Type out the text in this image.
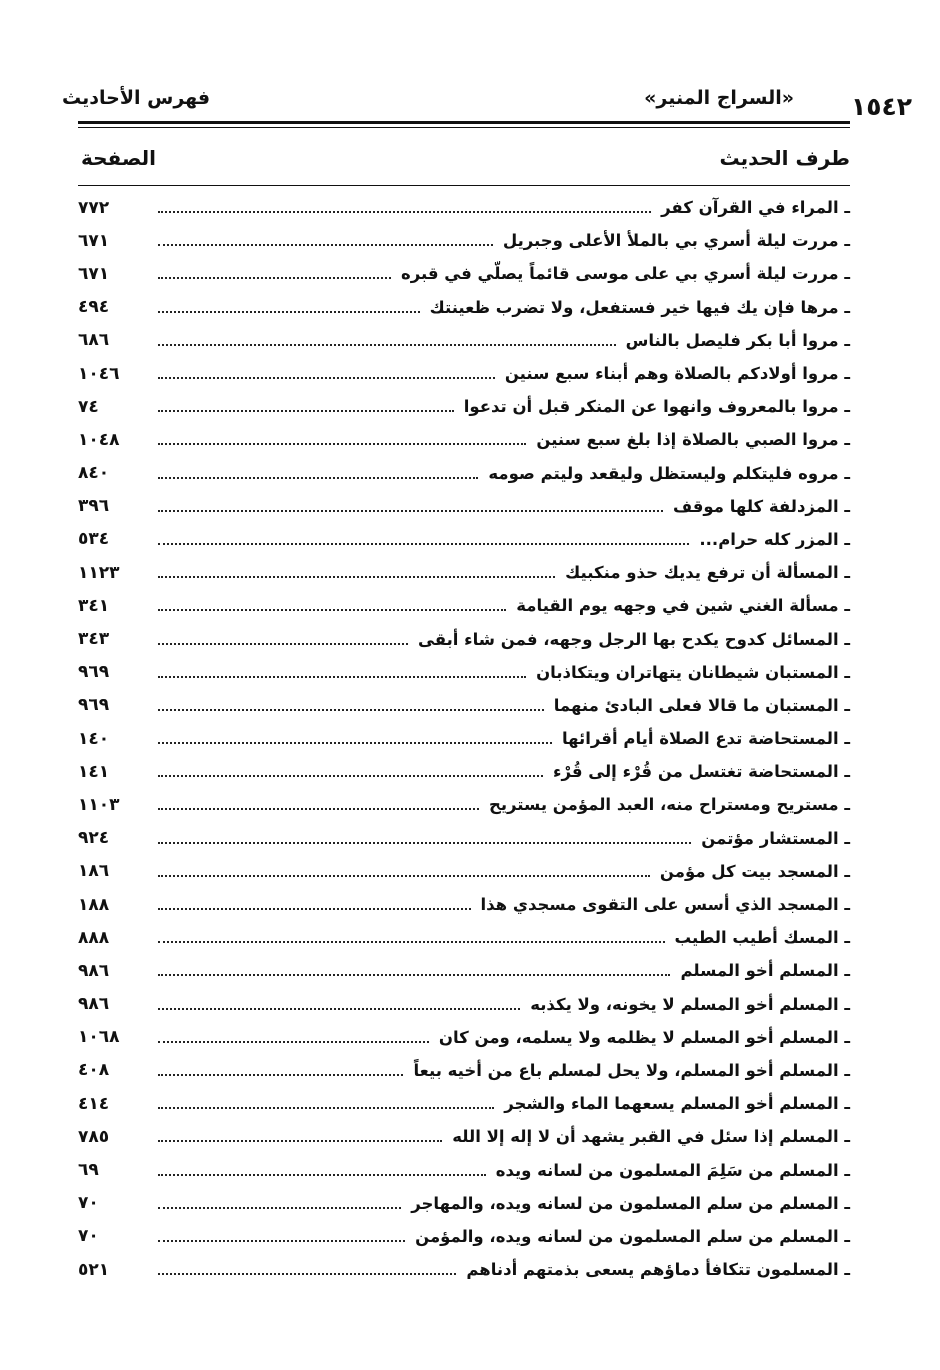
١٥٤٢
«السراج المنير»
فهرس الأحاديث
طرف الحديث
الصفحة
ـ المراء في القرآن كفر
٧٧٢
ـ مررت ليلة أسري بي بالملأ الأعلى وجبريل
٦٧١
ـ مررت ليلة أسري بي على موسى قائماً يصلّي في قبره
٦٧١
ـ مرها فإن يك فيها خير فستفعل، ولا تضرب ظعينتك
٤٩٤
ـ مروا أبا بكر فليصل بالناس
٦٨٦
ـ مروا أولادكم بالصلاة وهم أبناء سبع سنين
١٠٤٦
ـ مروا بالمعروف وانهوا عن المنكر قبل أن تدعوا
٧٤
ـ مروا الصبي بالصلاة إذا بلغ سبع سنين
١٠٤٨
ـ مروه فليتكلم وليستظل وليقعد وليتم صومه
٨٤٠
ـ المزدلفة كلها موقف
٣٩٦
ـ المزر كله حرام...
٥٣٤
ـ المسألة أن ترفع يديك حذو منكبيك
١١٢٣
ـ مسألة الغني شين في وجهه يوم القيامة
٣٤١
ـ المسائل كدوح يكدح بها الرجل وجهه، فمن شاء أبقى
٣٤٣
ـ المستبان شيطانان يتهاتران ويتكاذبان
٩٦٩
ـ المستبان ما قالا فعلى البادئ منهما
٩٦٩
ـ المستحاضة تدع الصلاة أيام أقرائها
١٤٠
ـ المستحاضة تغتسل من قُرْء إلى قُرْء
١٤١
ـ مستريح ومستراح منه، العبد المؤمن يستريح
١١٠٣
ـ المستشار مؤتمن
٩٢٤
ـ المسجد بيت كل مؤمن
١٨٦
ـ المسجد الذي أسس على التقوى مسجدي هذا
١٨٨
ـ المسك أطيب الطيب
٨٨٨
ـ المسلم أخو المسلم
٩٨٦
ـ المسلم أخو المسلم لا يخونه، ولا يكذبه
٩٨٦
ـ المسلم أخو المسلم لا يظلمه ولا يسلمه، ومن كان
١٠٦٨
ـ المسلم أخو المسلم، ولا يحل لمسلم باع من أخيه بيعاً
٤٠٨
ـ المسلم أخو المسلم يسعهما الماء والشجر
٤١٤
ـ المسلم إذا سئل في القبر يشهد أن لا إله إلا الله
٧٨٥
ـ المسلم من سَلِمَ المسلمون من لسانه ويده
٦٩
ـ المسلم من سلم المسلمون من لسانه ويده، والمهاجر
٧٠
ـ المسلم من سلم المسلمون من لسانه ويده، والمؤمن
٧٠
ـ المسلمون تتكافأ دماؤهم يسعى بذمتهم أدناهم
٥٢١
